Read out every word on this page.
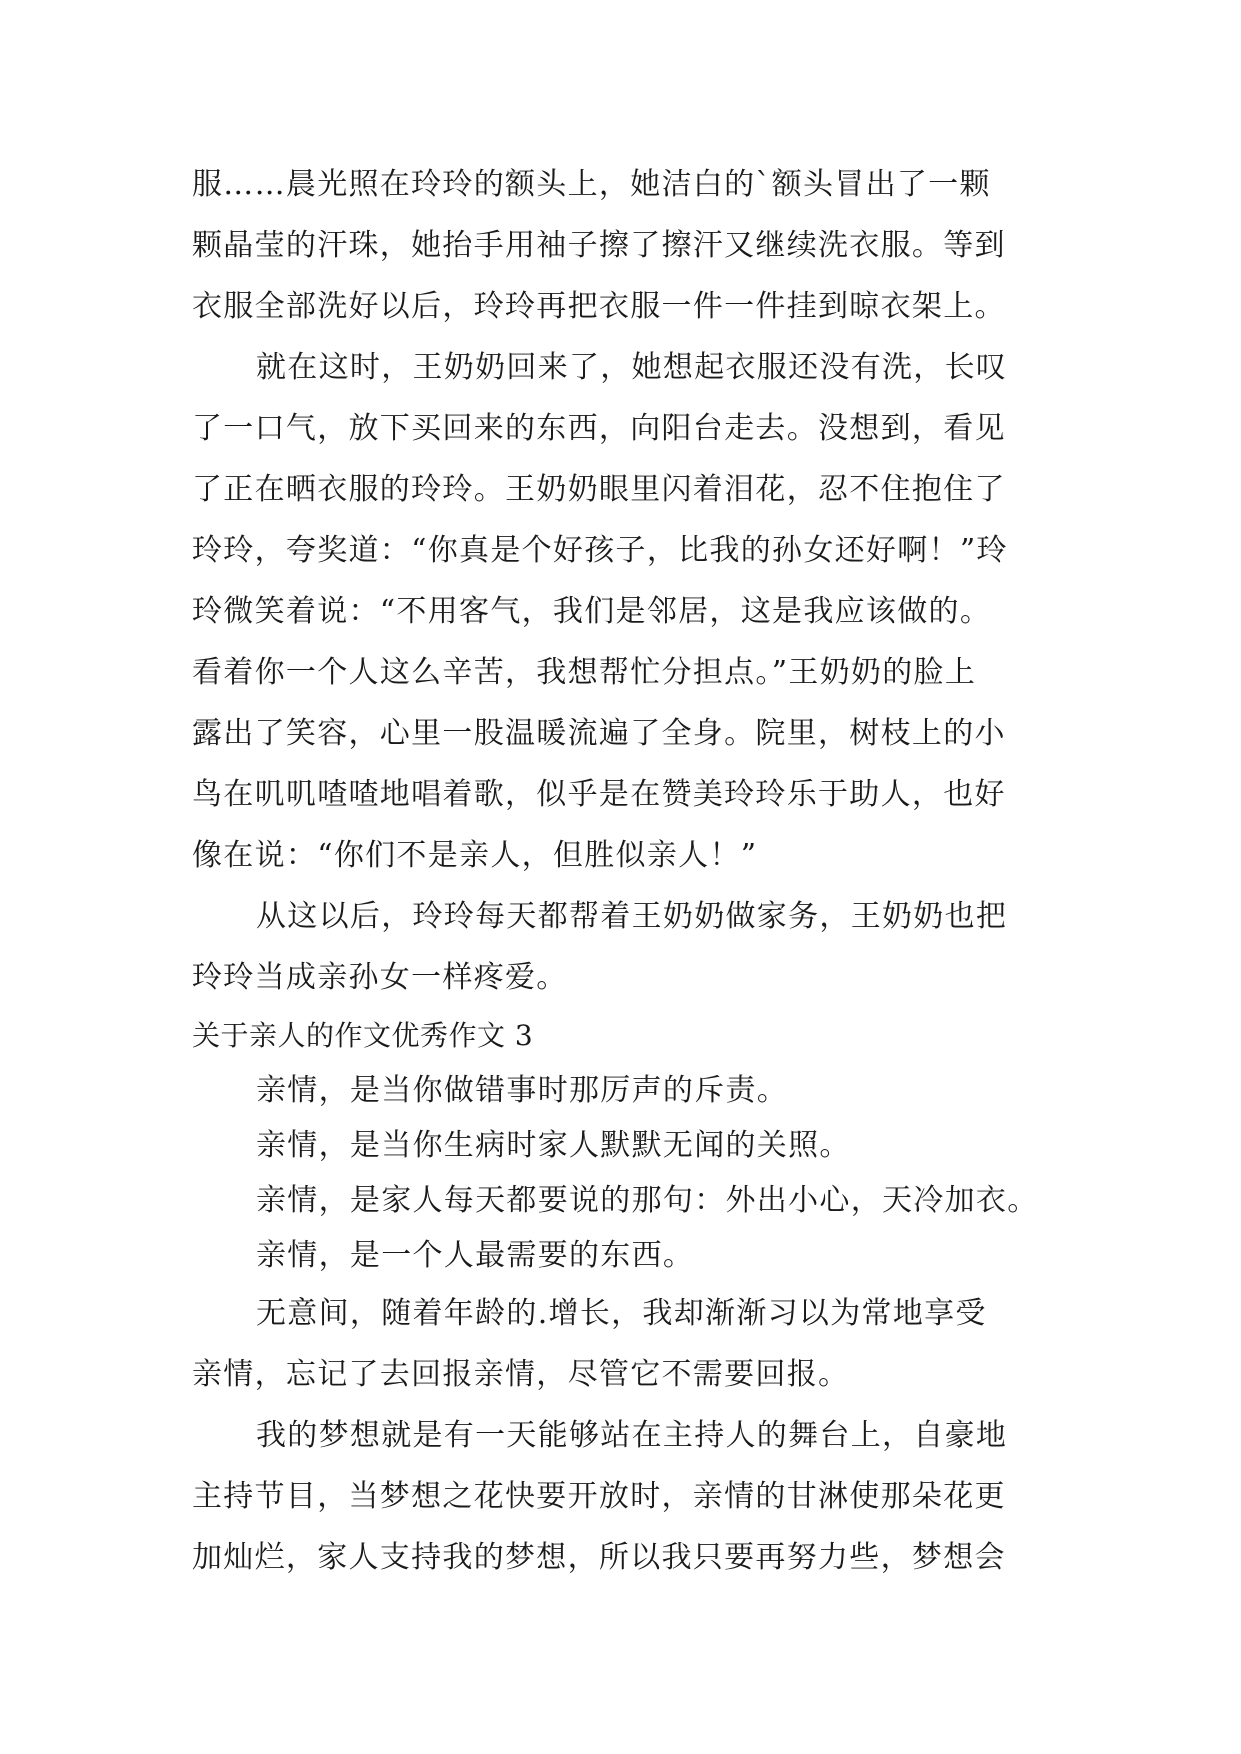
服……晨光照在玲玲的额头上，她洁白的`额头冒出了一颗
颗晶莹的汗珠，她抬手用袖子擦了擦汗又继续洗衣服。等到
衣服全部洗好以后，玲玲再把衣服一件一件挂到晾衣架上。
就在这时，王奶奶回来了，她想起衣服还没有洗，长叹
了一口气，放下买回来的东西，向阳台走去。没想到，看见
了正在晒衣服的玲玲。王奶奶眼里闪着泪花，忍不住抱住了
玲玲，夸奖道：“你真是个好孩子，比我的孙女还好啊！”玲
玲微笑着说：“不用客气，我们是邻居，这是我应该做的。
看着你一个人这么辛苦，我想帮忙分担点。”王奶奶的脸上
露出了笑容，心里一股温暖流遍了全身。院里，树枝上的小
鸟在叽叽喳喳地唱着歌，似乎是在赞美玲玲乐于助人，也好
像在说：“你们不是亲人，但胜似亲人！”
从这以后，玲玲每天都帮着王奶奶做家务，王奶奶也把
玲玲当成亲孙女一样疼爱。
关于亲人的作文优秀作文 3
亲情，是当你做错事时那厉声的斥责。
亲情，是当你生病时家人默默无闻的关照。
亲情，是家人每天都要说的那句：外出小心，天冷加衣。
亲情，是一个人最需要的东西。
无意间，随着年龄的.增长，我却渐渐习以为常地享受
亲情，忘记了去回报亲情，尽管它不需要回报。
我的梦想就是有一天能够站在主持人的舞台上，自豪地
主持节目，当梦想之花快要开放时，亲情的甘淋使那朵花更
加灿烂，家人支持我的梦想，所以我只要再努力些，梦想会
